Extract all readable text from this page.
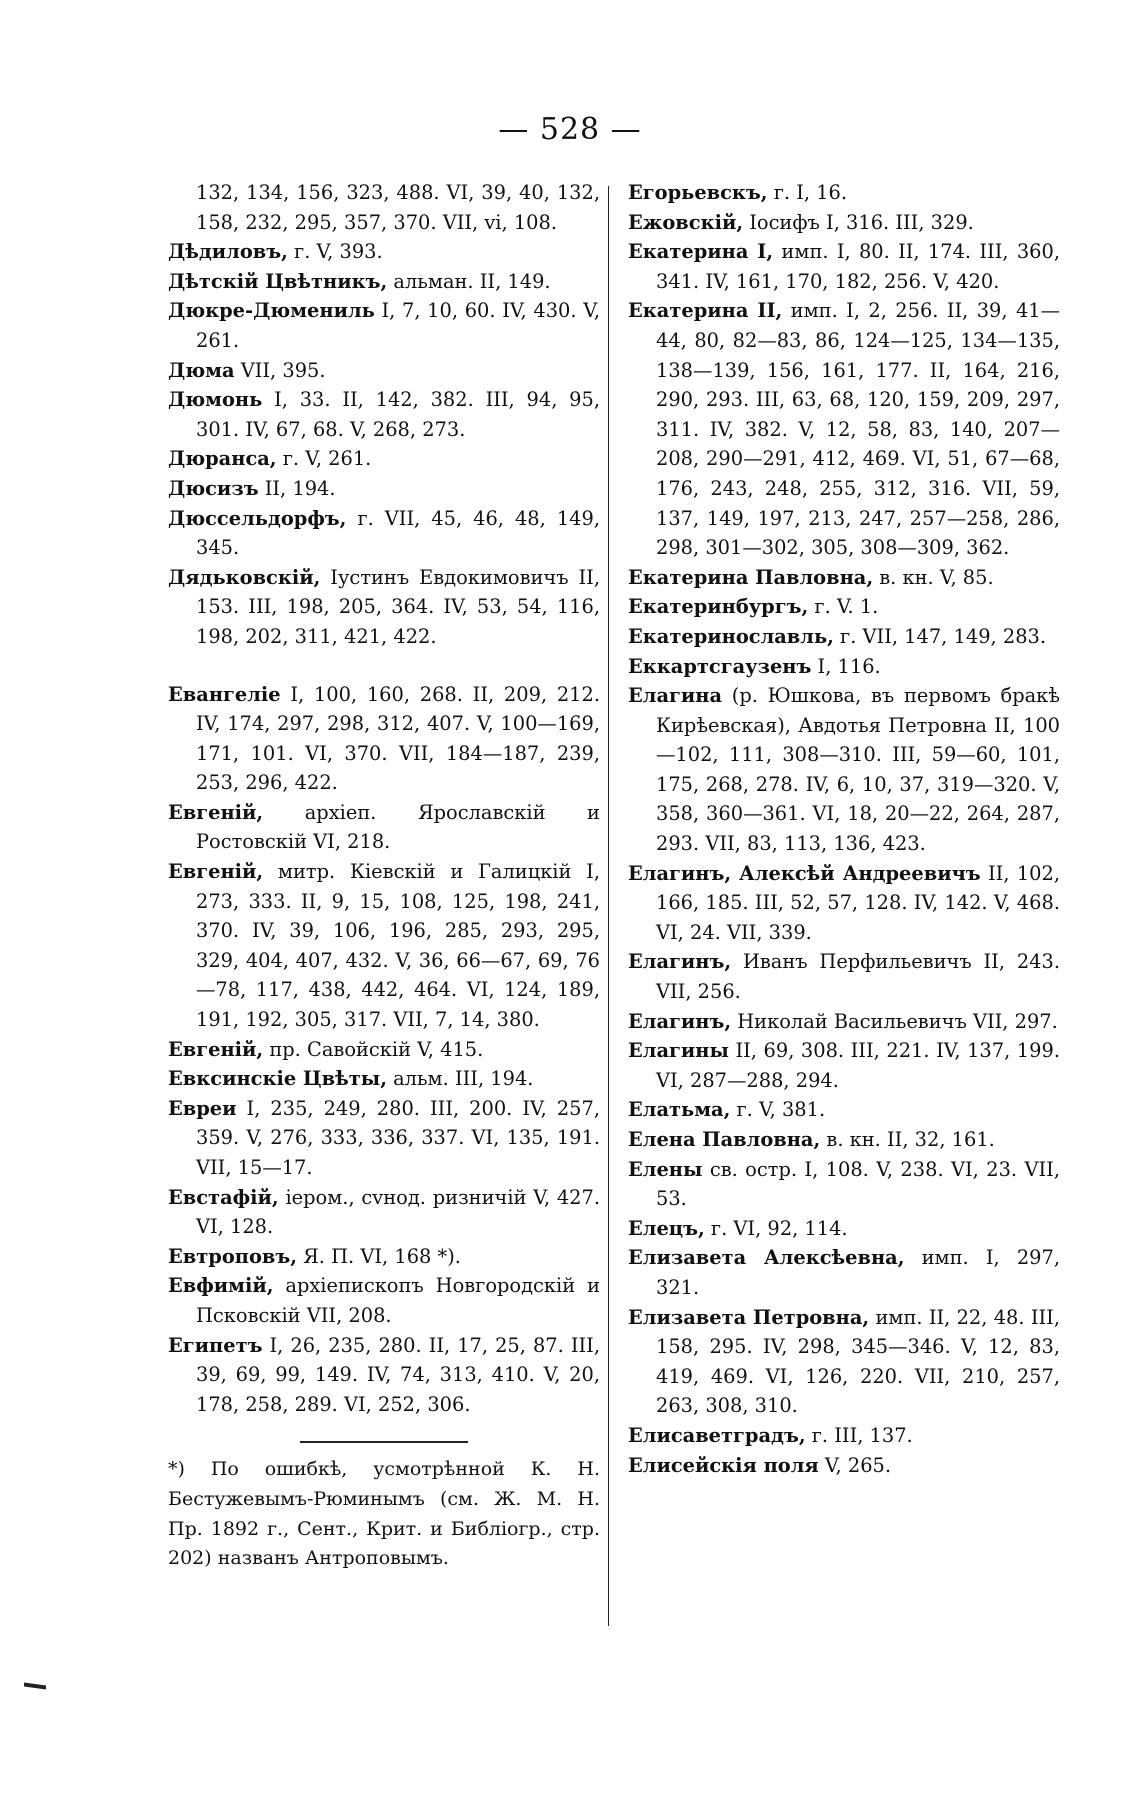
— 528 —
132, 134, 156, 323, 488. VI, 39, 40, 132, 158, 232, 295, 357, 370. VII, vi, 108.
Дѣдиловъ, г. V, 393.
Дѣтскій Цвѣтникъ, альман. II, 149.
Дюкре-Дюмениль I, 7, 10, 60. IV, 430. V, 261.
Дюма VII, 395.
Дюмонь I, 33. II, 142, 382. III, 94, 95, 301. IV, 67, 68. V, 268, 273.
Дюранса, г. V, 261.
Дюсизъ II, 194.
Дюссельдорфъ, г. VII, 45, 46, 48, 149, 345.
Дядьковскій, Іустинъ Евдокимовичъ II, 153. III, 198, 205, 364. IV, 53, 54, 116, 198, 202, 311, 421, 422.
Евангеліе I, 100, 160, 268. II, 209, 212. IV, 174, 297, 298, 312, 407. V, 100—169, 171, 101. VI, 370. VII, 184—187, 239, 253, 296, 422.
Евгеній, архіеп. Ярославскій и Ростовскій VI, 218.
Евгеній, митр. Кіевскій и Галицкій I, 273, 333. II, 9, 15, 108, 125, 198, 241, 370. IV, 39, 106, 196, 285, 293, 295, 329, 404, 407, 432. V, 36, 66—67, 69, 76—78, 117, 438, 442, 464. VI, 124, 189, 191, 192, 305, 317. VII, 7, 14, 380.
Евгеній, пр. Савойскій V, 415.
Евксинскіе Цвѣты, альм. III, 194.
Евреи I, 235, 249, 280. III, 200. IV, 257, 359. V, 276, 333, 336, 337. VI, 135, 191. VII, 15—17.
Евстафій, іером., сvнод. ризничій V, 427. VI, 128.
Евтроповъ, Я. П. VI, 168 *).
Евфимій, архіепископъ Новгородскій и Псковскій VII, 208.
Египетъ I, 26, 235, 280. II, 17, 25, 87. III, 39, 69, 99, 149. IV, 74, 313, 410. V, 20, 178, 258, 289. VI, 252, 306.
*) По ошибкѣ, усмотрѣнной К. Н. Бестужевымъ-Рюминымъ (см. Ж. М. Н. Пр. 1892 г., Сент., Крит. и Библіогр., стр. 202) названъ Антроповымъ.
Егорьевскъ, г. I, 16.
Ежовскій, Іосифъ I, 316. III, 329.
Екатерина I, имп. I, 80. II, 174. III, 360, 341. IV, 161, 170, 182, 256. V, 420.
Екатерина II, имп. I, 2, 256. II, 39, 41—44, 80, 82—83, 86, 124—125, 134—135, 138—139, 156, 161, 177. II, 164, 216, 290, 293. III, 63, 68, 120, 159, 209, 297, 311. IV, 382. V, 12, 58, 83, 140, 207—208, 290—291, 412, 469. VI, 51, 67—68, 176, 243, 248, 255, 312, 316. VII, 59, 137, 149, 197, 213, 247, 257—258, 286, 298, 301—302, 305, 308—309, 362.
Екатерина Павловна, в. кн. V, 85.
Екатеринбургъ, г. V. 1.
Екатеринославль, г. VII, 147, 149, 283.
Еккартсгаузенъ I, 116.
Елагина (р. Юшкова, въ первомъ бракѣ Кирѣевская), Авдотья Петровна II, 100—102, 111, 308—310. III, 59—60, 101, 175, 268, 278. IV, 6, 10, 37, 319—320. V, 358, 360—361. VI, 18, 20—22, 264, 287, 293. VII, 83, 113, 136, 423.
Елагинъ, Алексѣй Андреевичъ II, 102, 166, 185. III, 52, 57, 128. IV, 142. V, 468. VI, 24. VII, 339.
Елагинъ, Иванъ Перфильевичъ II, 243. VII, 256.
Елагинъ, Николай Васильевичъ VII, 297.
Елагины II, 69, 308. III, 221. IV, 137, 199. VI, 287—288, 294.
Елатьма, г. V, 381.
Елена Павловна, в. кн. II, 32, 161.
Елены св. остр. I, 108. V, 238. VI, 23. VII, 53.
Елецъ, г. VI, 92, 114.
Елизавета Алексѣевна, имп. I, 297, 321.
Елизавета Петровна, имп. II, 22, 48. III, 158, 295. IV, 298, 345—346. V, 12, 83, 419, 469. VI, 126, 220. VII, 210, 257, 263, 308, 310.
Елисаветградъ, г. III, 137.
Елисейскія поля V, 265.
